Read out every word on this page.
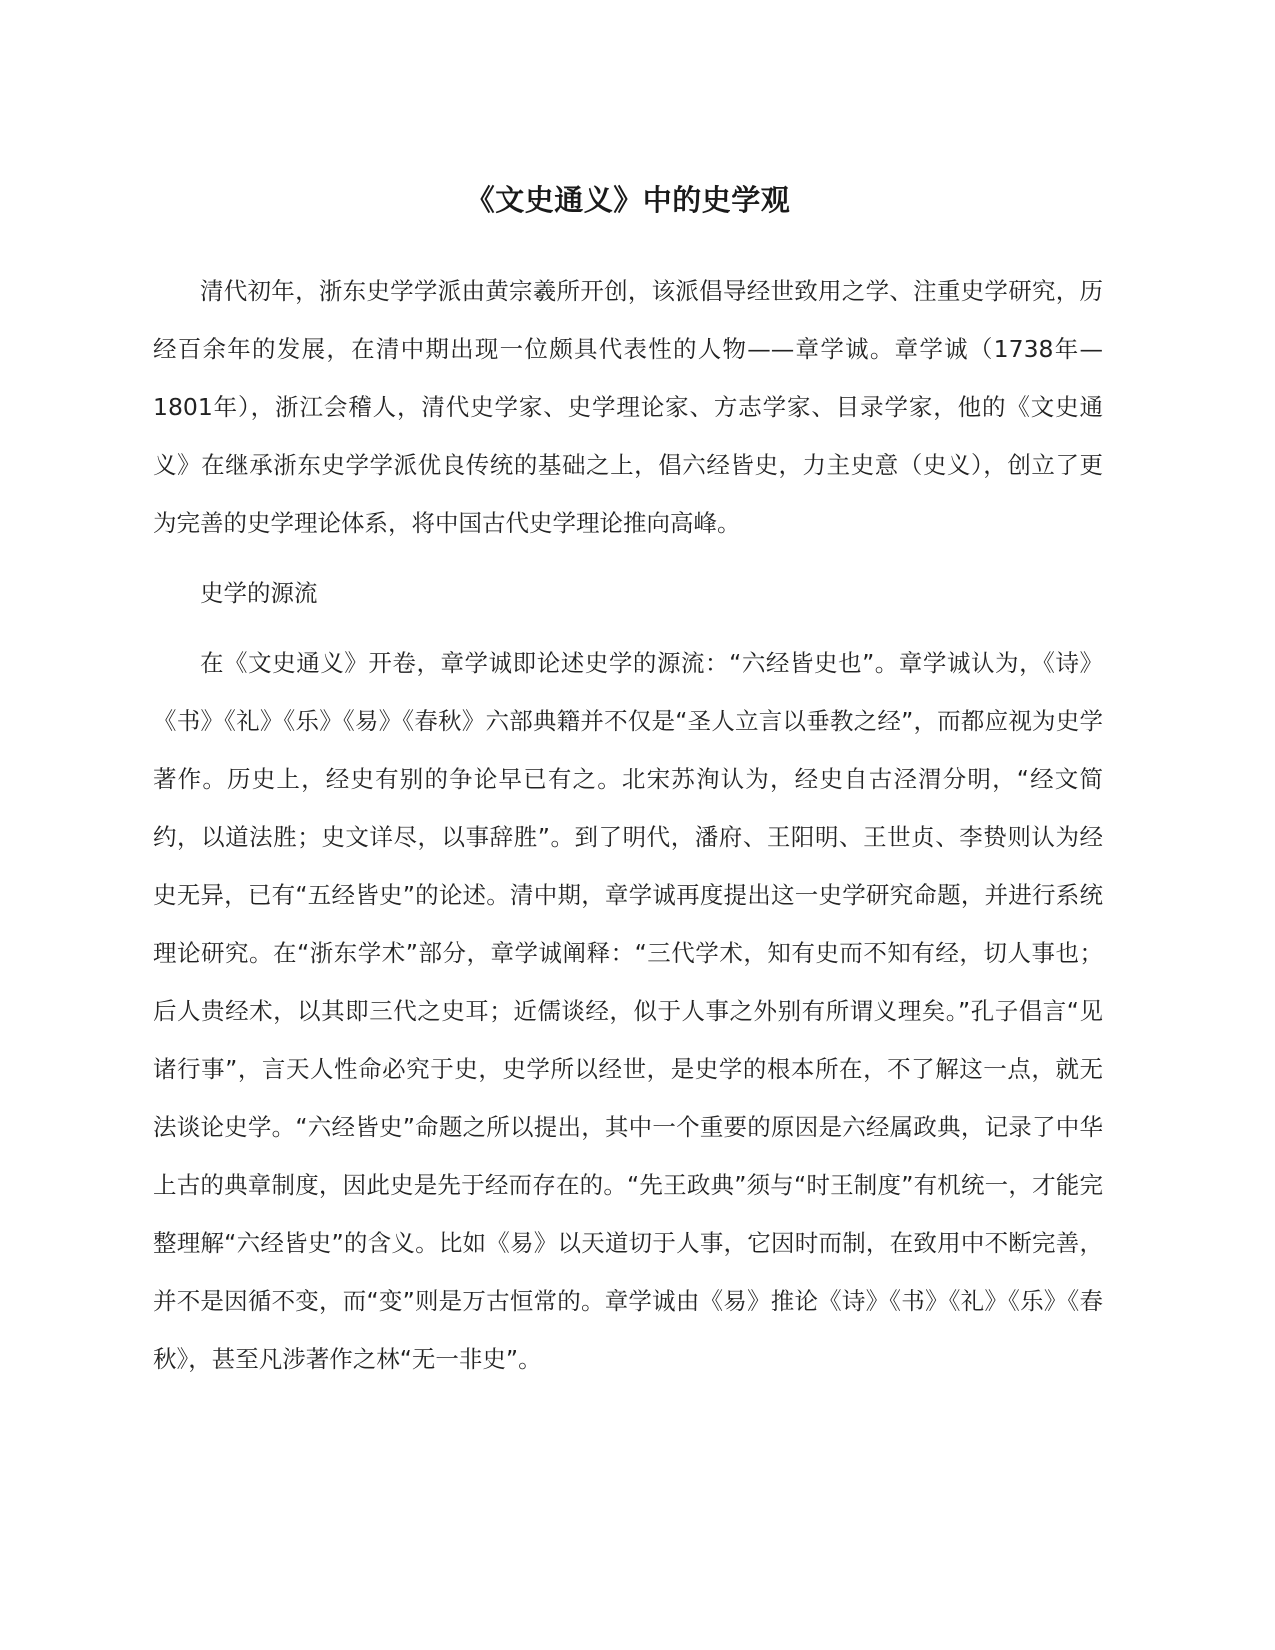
《文史通义》中的史学观

清代初年，浙东史学学派由黄宗羲所开创，该派倡导经世致用之学、注重史学研究，历经百余年的发展，在清中期出现一位颇具代表性的人物——章学诚。章学诚（1738年—1801年），浙江会稽人，清代史学家、史学理论家、方志学家、目录学家，他的《文史通义》在继承浙东史学学派优良传统的基础之上，倡六经皆史，力主史意（史义），创立了更为完善的史学理论体系，将中国古代史学理论推向高峰。

史学的源流

在《文史通义》开卷，章学诚即论述史学的源流：“六经皆史也”。章学诚认为，《诗》《书》《礼》《乐》《易》《春秋》六部典籍并不仅是“圣人立言以垂教之经”，而都应视为史学著作。历史上，经史有别的争论早已有之。北宋苏洵认为，经史自古泾渭分明，“经文简约，以道法胜；史文详尽，以事辞胜”。到了明代，潘府、王阳明、王世贞、李贽则认为经史无异，已有“五经皆史”的论述。清中期，章学诚再度提出这一史学研究命题，并进行系统理论研究。在“浙东学术”部分，章学诚阐释：“三代学术，知有史而不知有经，切人事也；后人贵经术，以其即三代之史耳；近儒谈经，似于人事之外别有所谓义理矣。”孔子倡言“见诸行事”，言天人性命必究于史，史学所以经世，是史学的根本所在，不了解这一点，就无法谈论史学。“六经皆史”命题之所以提出，其中一个重要的原因是六经属政典，记录了中华上古的典章制度，因此史是先于经而存在的。“先王政典”须与“时王制度”有机统一，才能完整理解“六经皆史”的含义。比如《易》以天道切于人事，它因时而制，在致用中不断完善，并不是因循不变，而“变”则是万古恒常的。章学诚由《易》推论《诗》《书》《礼》《乐》《春秋》，甚至凡涉著作之林“无一非史”。
